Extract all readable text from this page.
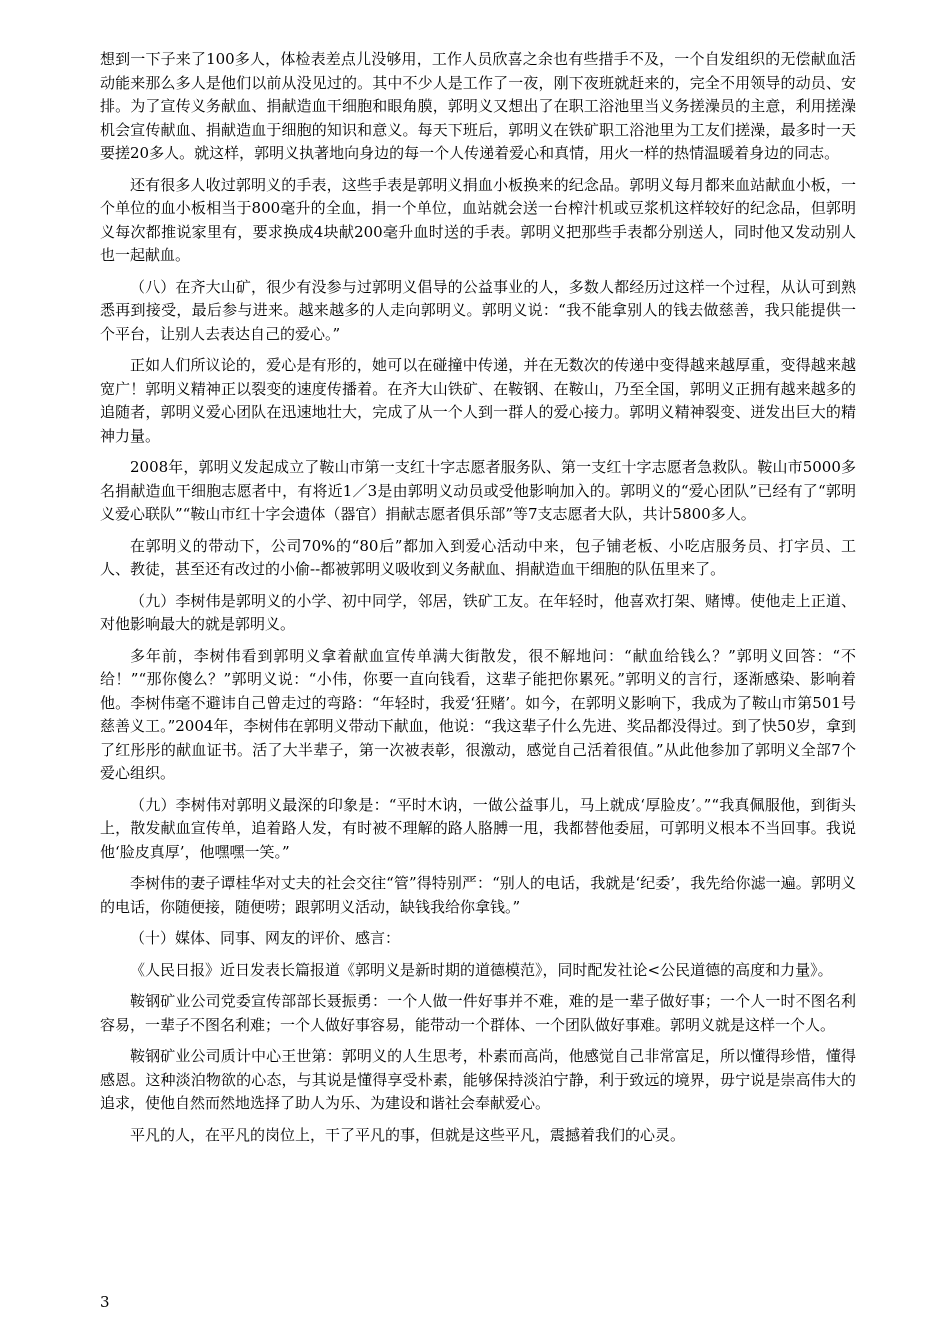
想到一下子来了100多人，体检表差点儿没够用，工作人员欣喜之余也有些措手不及，一个自发组织的无偿献血活动能来那么多人是他们以前从没见过的。其中不少人是工作了一夜，刚下夜班就赶来的，完全不用领导的动员、安排。为了宣传义务献血、捐献造血干细胞和眼角膜，郭明义又想出了在职工浴池里当义务搓澡员的主意，利用搓澡机会宣传献血、捐献造血于细胞的知识和意义。每天下班后，郭明义在铁矿职工浴池里为工友们搓澡，最多时一天要搓20多人。就这样，郭明义执著地向身边的每一个人传递着爱心和真情，用火一样的热情温暖着身边的同志。

还有很多人收过郭明义的手表，这些手表是郭明义捐血小板换来的纪念品。郭明义每月都来血站献血小板，一个单位的血小板相当于800毫升的全血，捐一个单位，血站就会送一台榨汁机或豆浆机这样较好的纪念品，但郭明义每次都推说家里有，要求换成4块献200毫升血时送的手表。郭明义把那些手表都分别送人，同时他又发动别人也一起献血。

（八）在齐大山矿，很少有没参与过郭明义倡导的公益事业的人，多数人都经历过这样一个过程，从认可到熟悉再到接受，最后参与进来。越来越多的人走向郭明义。郭明义说：“我不能拿别人的钱去做慈善，我只能提供一个平台，让别人去表达自己的爱心。”

正如人们所议论的，爱心是有形的，她可以在碰撞中传递，并在无数次的传递中变得越来越厚重，变得越来越宽广！郭明义精神正以裂变的速度传播着。在齐大山铁矿、在鞍钢、在鞍山，乃至全国，郭明义正拥有越来越多的追随者，郭明义爱心团队在迅速地壮大，完成了从一个人到一群人的爱心接力。郭明义精神裂变、迸发出巨大的精神力量。

2008年，郭明义发起成立了鞍山市第一支红十字志愿者服务队、第一支红十字志愿者急救队。鞍山市5000多名捐献造血干细胞志愿者中，有将近1／3是由郭明义动员或受他影响加入的。郭明义的“爱心团队”已经有了“郭明义爱心联队”“鞍山市红十字会遗体（器官）捐献志愿者俱乐部”等7支志愿者大队，共计5800多人。

在郭明义的带动下，公司70%的“80后”都加入到爱心活动中来，包子铺老板、小吃店服务员、打字员、工人、教徒，甚至还有改过的小偷--都被郭明义吸收到义务献血、捐献造血干细胞的队伍里来了。

（九）李树伟是郭明义的小学、初中同学，邻居，铁矿工友。在年轻时，他喜欢打架、赌博。使他走上正道、对他影响最大的就是郭明义。

多年前，李树伟看到郭明义拿着献血宣传单满大街散发，很不解地问：“献血给钱么？”郭明义回答：“不给！”“那你傻么？”郭明义说：“小伟，你要一直向钱看，这辈子能把你累死。”郭明义的言行，逐渐感染、影响着他。李树伟毫不避讳自己曾走过的弯路：“年轻时，我爱‘狂赌’。如今，在郭明义影响下，我成为了鞍山市第501号慈善义工。”2004年，李树伟在郭明义带动下献血，他说：“我这辈子什么先进、奖品都没得过。到了快50岁，拿到了红彤彤的献血证书。活了大半辈子，第一次被表彰，很激动，感觉自己活着很值。”从此他参加了郭明义全部7个爱心组织。

（九）李树伟对郭明义最深的印象是：“平时木讷，一做公益事儿，马上就成‘厚脸皮’。”“我真佩服他，到街头上，散发献血宣传单，追着路人发，有时被不理解的路人胳膊一甩，我都替他委屈，可郭明义根本不当回事。我说他‘脸皮真厚’，他嘿嘿一笑。”

李树伟的妻子谭桂华对丈夫的社会交往“管”得特别严：“别人的电话，我就是‘纪委’，我先给你滤一遍。郭明义的电话，你随便接，随便唠；跟郭明义活动，缺钱我给你拿钱。”

（十）媒体、同事、网友的评价、感言：

《人民日报》近日发表长篇报道《郭明义是新时期的道德模范》，同时配发社论<公民道德的高度和力量》。

鞍钢矿业公司党委宣传部部长聂振勇：一个人做一件好事并不难，难的是一辈子做好事；一个人一时不图名利容易，一辈子不图名利难；一个人做好事容易，能带动一个群体、一个团队做好事难。郭明义就是这样一个人。

鞍钢矿业公司质计中心王世第：郭明义的人生思考，朴素而高尚，他感觉自己非常富足，所以懂得珍惜，懂得感恩。这种淡泊物欲的心态，与其说是懂得享受朴素，能够保持淡泊宁静，利于致远的境界，毋宁说是崇高伟大的追求，使他自然而然地选择了助人为乐、为建设和谐社会奉献爱心。

平凡的人，在平凡的岗位上，干了平凡的事，但就是这些平凡，震撼着我们的心灵。

3
